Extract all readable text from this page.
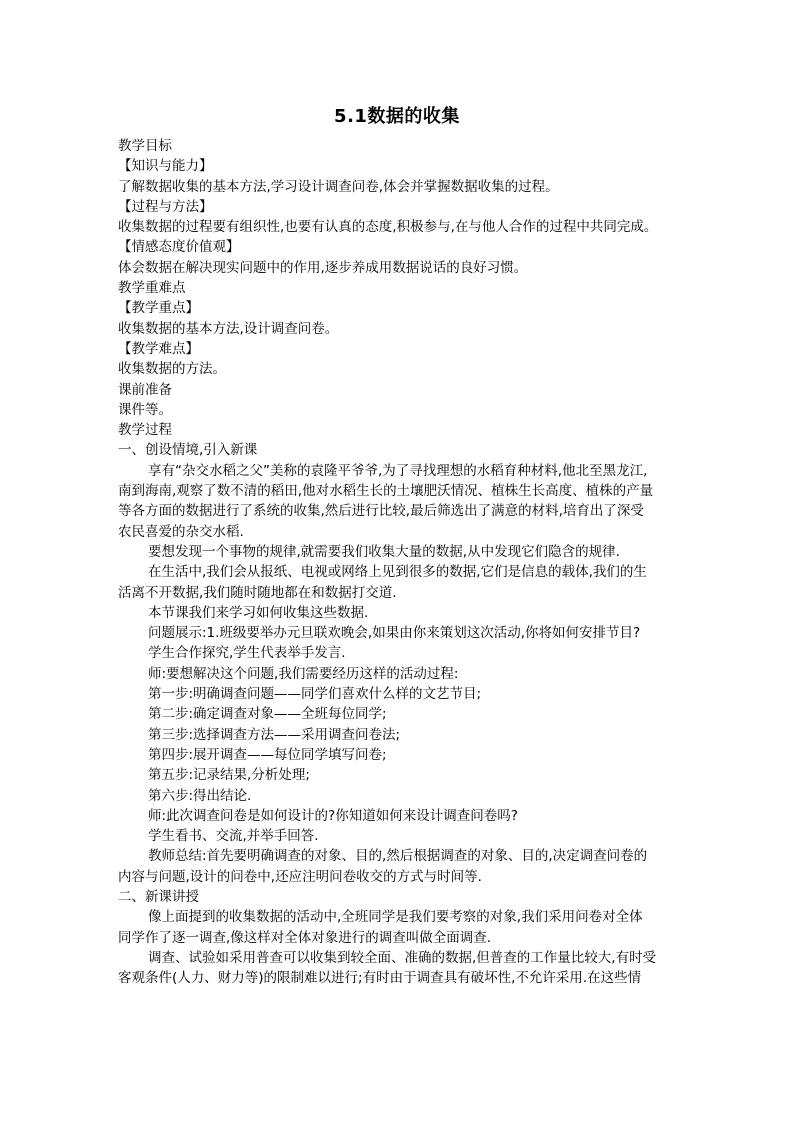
5.1数据的收集
教学目标
【知识与能力】
了解数据收集的基本方法,学习设计调查问卷,体会并掌握数据收集的过程。
【过程与方法】
收集数据的过程要有组织性,也要有认真的态度,积极参与,在与他人合作的过程中共同完成。
【情感态度价值观】
体会数据在解决现实问题中的作用,逐步养成用数据说话的良好习惯。
教学重难点
【教学重点】
收集数据的基本方法,设计调查问卷。
【教学难点】
收集数据的方法。
课前准备
课件等。
教学过程
一、创设情境,引入新课
享有“杂交水稻之父”美称的袁隆平爷爷,为了寻找理想的水稻育种材料,他北至黑龙江,
南到海南,观察了数不清的稻田,他对水稻生长的土壤肥沃情况、植株生长高度、植株的产量
等各方面的数据进行了系统的收集,然后进行比较,最后筛选出了满意的材料,培育出了深受
农民喜爱的杂交水稻.
要想发现一个事物的规律,就需要我们收集大量的数据,从中发现它们隐含的规律.
在生活中,我们会从报纸、电视或网络上见到很多的数据,它们是信息的载体,我们的生
活离不开数据,我们随时随地都在和数据打交道.
本节课我们来学习如何收集这些数据.
问题展示:1.班级要举办元旦联欢晚会,如果由你来策划这次活动,你将如何安排节目?
学生合作探究,学生代表举手发言.
师:要想解决这个问题,我们需要经历这样的活动过程:
第一步:明确调查问题——同学们喜欢什么样的文艺节目;
第二步:确定调查对象——全班每位同学;
第三步:选择调查方法——采用调查问卷法;
第四步:展开调查——每位同学填写问卷;
第五步:记录结果,分析处理;
第六步:得出结论.
师:此次调查问卷是如何设计的?你知道如何来设计调查问卷吗?
学生看书、交流,并举手回答.
教师总结:首先要明确调查的对象、目的,然后根据调查的对象、目的,决定调查问卷的
内容与问题,设计的问卷中,还应注明问卷收交的方式与时间等.
二、新课讲授
像上面提到的收集数据的活动中,全班同学是我们要考察的对象,我们采用问卷对全体
同学作了逐一调查,像这样对全体对象进行的调查叫做全面调查.
调查、试验如采用普查可以收集到较全面、准确的数据,但普查的工作量比较大,有时受
客观条件(人力、财力等)的限制难以进行;有时由于调查具有破坏性,不允许采用.在这些情
